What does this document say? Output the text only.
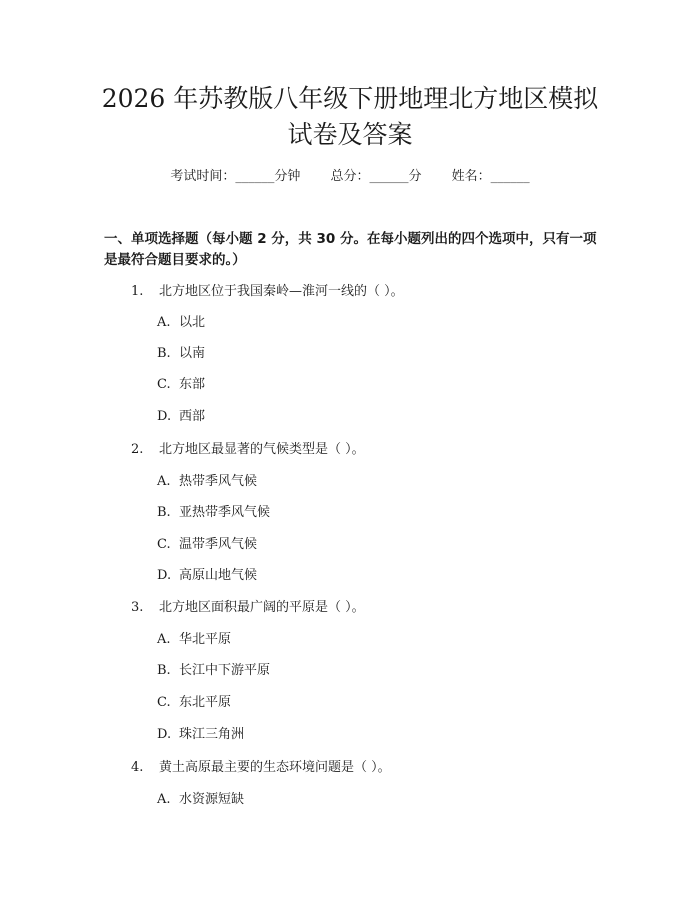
2026 年苏教版八年级下册地理北方地区模拟
试卷及答案
考试时间：______分钟 总分：______分 姓名：______
一、单项选择题（每小题 2 分，共 30 分。在每小题列出的四个选项中，只有一项
是最符合题目要求的。）
1. 北方地区位于我国秦岭—淮河一线的（ ）。
A. 以北
B. 以南
C. 东部
D. 西部
2. 北方地区最显著的气候类型是（ ）。
A. 热带季风气候
B. 亚热带季风气候
C. 温带季风气候
D. 高原山地气候
3. 北方地区面积最广阔的平原是（ ）。
A. 华北平原
B. 长江中下游平原
C. 东北平原
D. 珠江三角洲
4. 黄土高原最主要的生态环境问题是（ ）。
A. 水资源短缺
